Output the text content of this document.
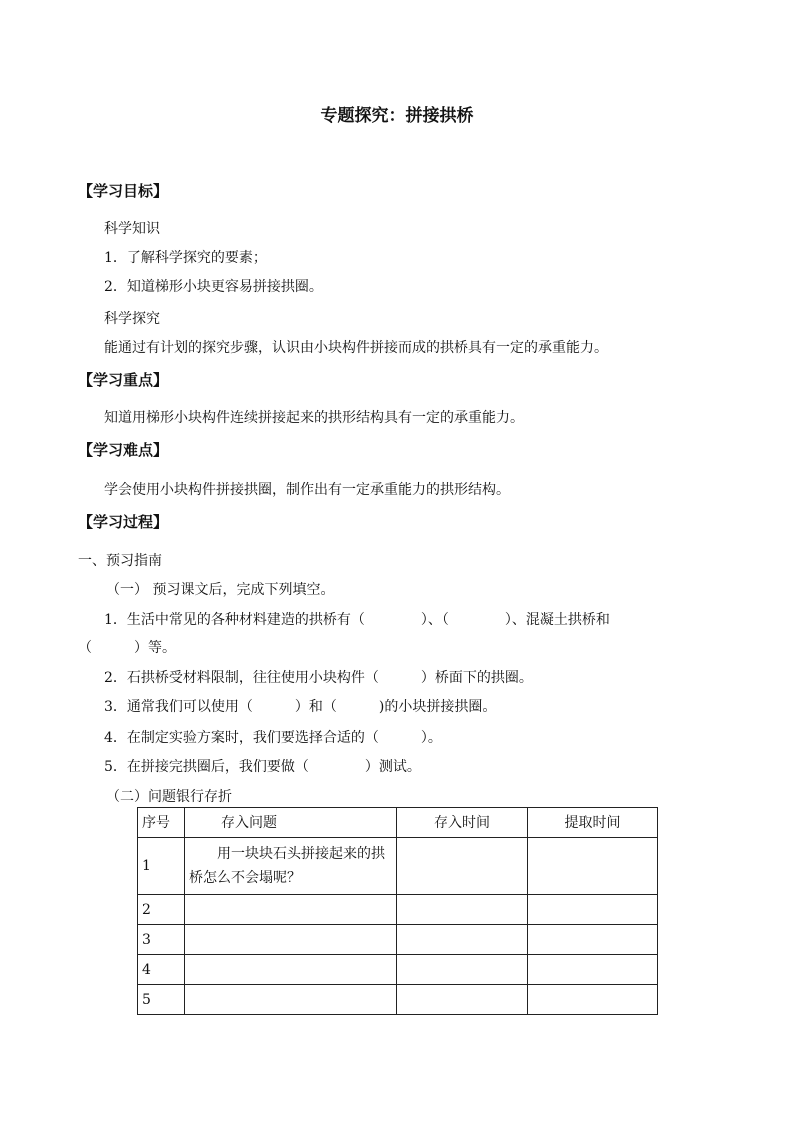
专题探究：拼接拱桥
【学习目标】
科学知识
1．了解科学探究的要素；
2．知道梯形小块更容易拼接拱圈。
科学探究
能通过有计划的探究步骤，认识由小块构件拼接而成的拱桥具有一定的承重能力。
【学习重点】
知道用梯形小块构件连续拼接起来的拱形结构具有一定的承重能力。
【学习难点】
学会使用小块构件拼接拱圈，制作出有一定承重能力的拱形结构。
【学习过程】
一、预习指南
（一） 预习课文后，完成下列填空。
1．生活中常见的各种材料建造的拱桥有（　　　　）、（　　　　）、混凝土拱桥和
（　　　）等。
2．石拱桥受材料限制，往往使用小块构件（　　　）桥面下的拱圈。
3．通常我们可以使用（　　　）和（　　　)的小块拼接拱圈。
4．在制定实验方案时，我们要选择合适的（　　　）。
5．在拼接完拱圈后，我们要做（　　　　）测试。
（二）问题银行存折
序号	存入问题	存入时间	提取时间
1	用一块块石头拼接起来的拱桥怎么不会塌呢？		
2			
3			
4			
5			
